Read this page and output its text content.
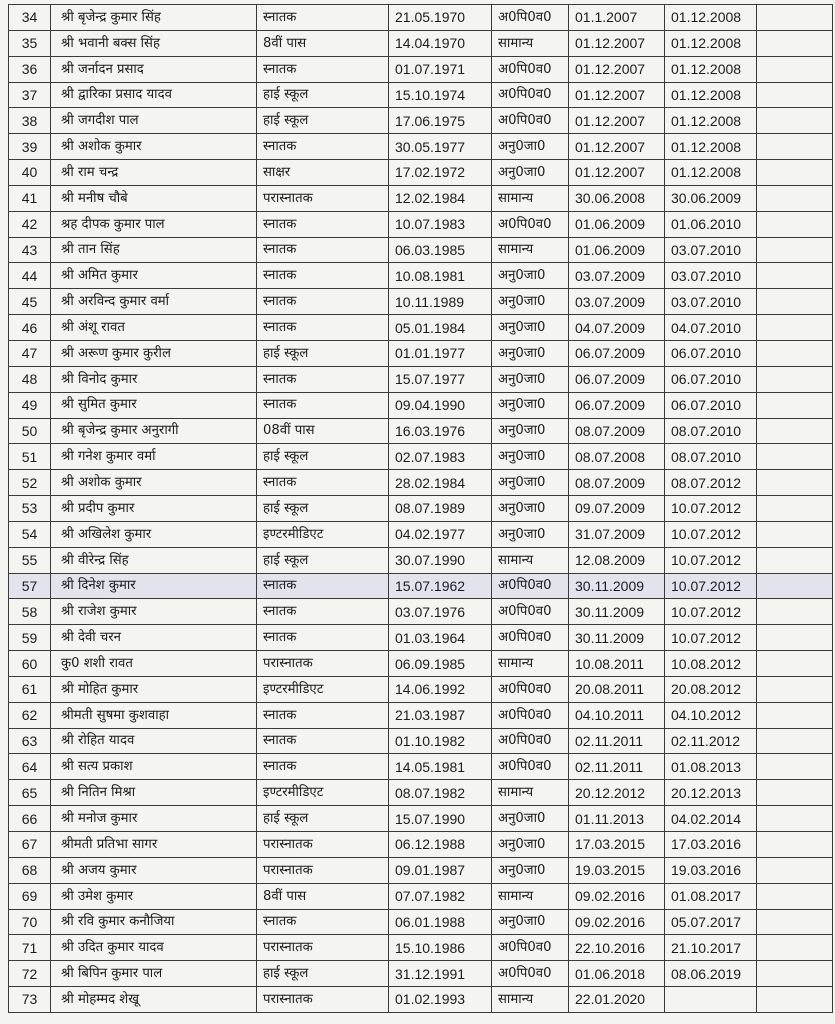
34	श्री बृजेन्द्र कुमार सिंह	स्नातक	21.05.1970	अ0पि0व0	01.1.2007	01.12.2008	
35	श्री भवानी बक्स सिंह	8वीं पास	14.04.1970	सामान्य	01.12.2007	01.12.2008	
36	श्री जर्नादन प्रसाद	स्नातक	01.07.1971	अ0पि0व0	01.12.2007	01.12.2008	
37	श्री द्वारिका प्रसाद यादव	हाई स्कूल	15.10.1974	अ0पि0व0	01.12.2007	01.12.2008	
38	श्री जगदीश पाल	हाई स्कूल	17.06.1975	अ0पि0व0	01.12.2007	01.12.2008	
39	श्री अशोक कुमार	स्नातक	30.05.1977	अनु0जा0	01.12.2007	01.12.2008	
40	श्री राम चन्द्र	साक्षर	17.02.1972	अनु0जा0	01.12.2007	01.12.2008	
41	श्री मनीष चौबे	परास्नातक	12.02.1984	सामान्य	30.06.2008	30.06.2009	
42	श्रह दीपक कुमार पाल	स्नातक	10.07.1983	अ0पि0व0	01.06.2009	01.06.2010	
43	श्री तान सिंह	स्नातक	06.03.1985	सामान्य	01.06.2009	03.07.2010	
44	श्री अमित कुमार	स्नातक	10.08.1981	अनु0जा0	03.07.2009	03.07.2010	
45	श्री अरविन्द कुमार वर्मा	स्नातक	10.11.1989	अनु0जा0	03.07.2009	03.07.2010	
46	श्री अंशू रावत	स्नातक	05.01.1984	अनु0जा0	04.07.2009	04.07.2010	
47	श्री अरूण कुमार कुरील	हाई स्कूल	01.01.1977	अनु0जा0	06.07.2009	06.07.2010	
48	श्री विनोद कुमार	स्नातक	15.07.1977	अनु0जा0	06.07.2009	06.07.2010	
49	श्री सुमित कुमार	स्नातक	09.04.1990	अनु0जा0	06.07.2009	06.07.2010	
50	श्री बृजेन्द्र कुमार अनुरागी	08वीं पास	16.03.1976	अनु0जा0	08.07.2009	08.07.2010	
51	श्री गनेश कुमार वर्मा	हाई स्कूल	02.07.1983	अनु0जा0	08.07.2008	08.07.2010	
52	श्री अशोक कुमार	स्नातक	28.02.1984	अनु0जा0	08.07.2009	08.07.2012	
53	श्री प्रदीप कुमार	हाई स्कूल	08.07.1989	अनु0जा0	09.07.2009	10.07.2012	
54	श्री अखिलेश कुमार	इण्टरमीडिएट	04.02.1977	अनु0जा0	31.07.2009	10.07.2012	
55	श्री वीरेन्द्र सिंह	हाई स्कूल	30.07.1990	सामान्य	12.08.2009	10.07.2012	
57	श्री दिनेश कुमार	स्नातक	15.07.1962	अ0पि0व0	30.11.2009	10.07.2012	
58	श्री राजेश कुमार	स्नातक	03.07.1976	अ0पि0व0	30.11.2009	10.07.2012	
59	श्री देवी चरन	स्नातक	01.03.1964	अ0पि0व0	30.11.2009	10.07.2012	
60	कु0 शशी रावत	परास्नातक	06.09.1985	सामान्य	10.08.2011	10.08.2012	
61	श्री मोहित कुमार	इण्टरमीडिएट	14.06.1992	अ0पि0व0	20.08.2011	20.08.2012	
62	श्रीमती सुषमा कुशवाहा	स्नातक	21.03.1987	अ0पि0व0	04.10.2011	04.10.2012	
63	श्री रोहित यादव	स्नातक	01.10.1982	अ0पि0व0	02.11.2011	02.11.2012	
64	श्री सत्य प्रकाश	स्नातक	14.05.1981	अ0पि0व0	02.11.2011	01.08.2013	
65	श्री नितिन मिश्रा	इण्टरमीडिएट	08.07.1982	सामान्य	20.12.2012	20.12.2013	
66	श्री मनोज कुमार	हाई स्कूल	15.07.1990	अनु0जा0	01.11.2013	04.02.2014	
67	श्रीमती प्रतिभा सागर	परास्नातक	06.12.1988	अनु0जा0	17.03.2015	17.03.2016	
68	श्री अजय कुमार	परास्नातक	09.01.1987	अनु0जा0	19.03.2015	19.03.2016	
69	श्री उमेश कुमार	8वीं पास	07.07.1982	सामान्य	09.02.2016	01.08.2017	
70	श्री रवि कुमार कनौजिया	स्नातक	06.01.1988	अनु0जा0	09.02.2016	05.07.2017	
71	श्री उदित कुमार यादव	परास्नातक	15.10.1986	अ0पि0व0	22.10.2016	21.10.2017	
72	श्री बिपिन कुमार पाल	हाई स्कूल	31.12.1991	अ0पि0व0	01.06.2018	08.06.2019	
73	श्री मोहम्मद शेखू	परास्नातक	01.02.1993	सामान्य	22.01.2020		
